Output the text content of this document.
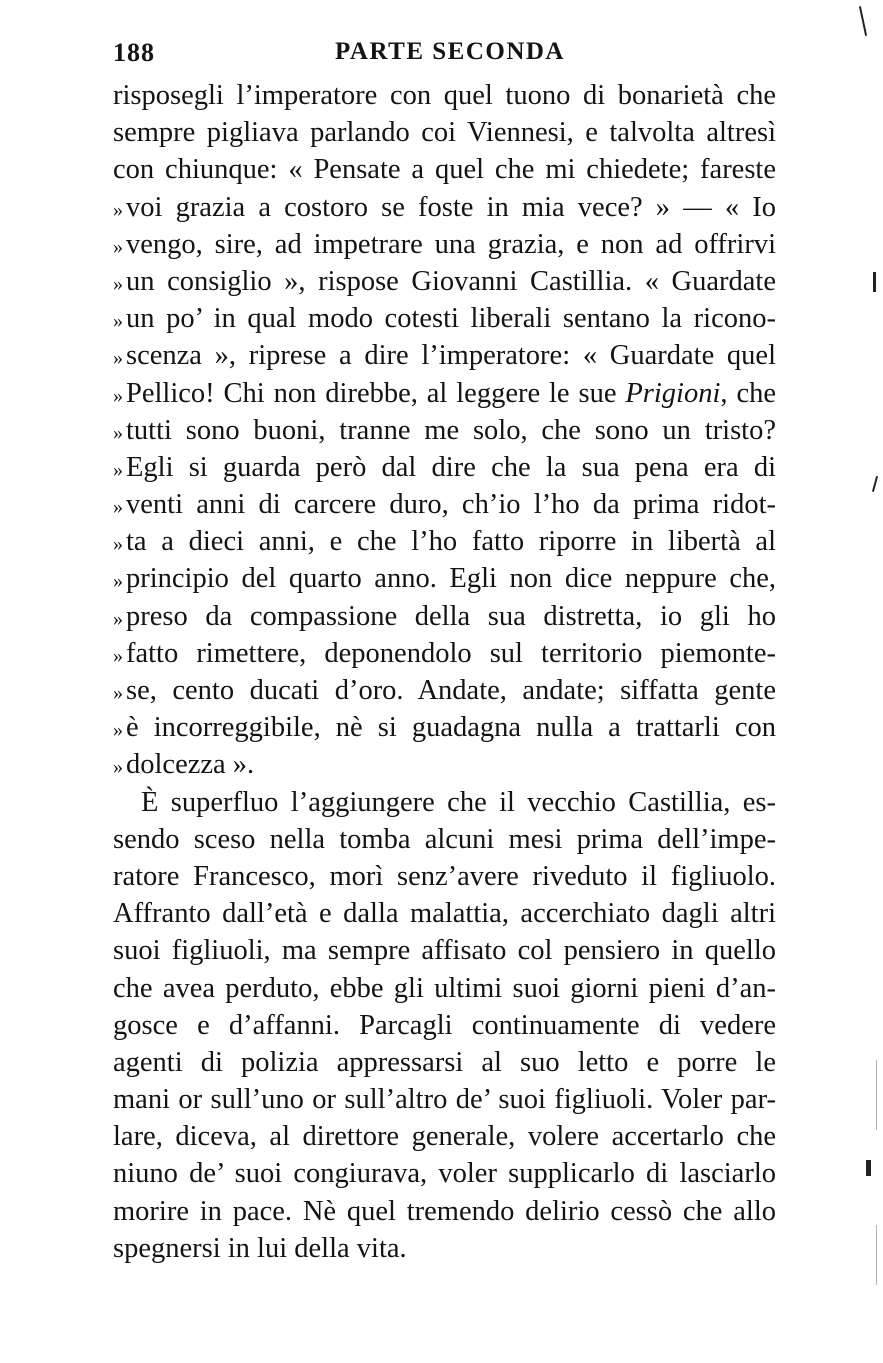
188	PARTE SECONDA
risposegli l’imperatore con quel tuono di bonarietà che
sempre pigliava parlando coi Viennesi, e talvolta altresì
con chiunque: « Pensate a quel che mi chiedete; fareste
» voi grazia a costoro se foste in mia vece? » — « Io
» vengo, sire, ad impetrare una grazia, e non ad offrirvi
» un consiglio », rispose Giovanni Castillia. « Guardate
» un po’ in qual modo cotesti liberali sentano la ricono-
» scenza », riprese a dire l’imperatore: « Guardate quel
» Pellico! Chi non direbbe, al leggere le sue Prigioni, che
» tutti sono buoni, tranne me solo, che sono un tristo?
» Egli si guarda però dal dire che la sua pena era di
» venti anni di carcere duro, ch’io l’ho da prima ridot-
» ta a dieci anni, e che l’ho fatto riporre in libertà al
» principio del quarto anno. Egli non dice neppure che,
» preso da compassione della sua distretta, io gli ho
» fatto rimettere, deponendolo sul territorio piemonte-
» se, cento ducati d’oro. Andate, andate; siffatta gente
» è incorreggibile, nè si guadagna nulla a trattarli con
» dolcezza ».
È superfluo l’aggiungere che il vecchio Castillia, es-
sendo sceso nella tomba alcuni mesi prima dell’impe-
ratore Francesco, morì senz’avere riveduto il figliuolo.
Affranto dall’età e dalla malattia, accerchiato dagli altri
suoi figliuoli, ma sempre affisato col pensiero in quello
che avea perduto, ebbe gli ultimi suoi giorni pieni d’an-
gosce e d’affanni. Parcagli continuamente di vedere
agenti di polizia appressarsi al suo letto e porre le
mani or sull’uno or sull’altro de’ suoi figliuoli. Voler par-
lare, diceva, al direttore generale, volere accertarlo che
niuno de’ suoi congiurava, voler supplicarlo di lasciarlo
morire in pace. Nè quel tremendo delirio cessò che allo
spegnersi in lui della vita.
